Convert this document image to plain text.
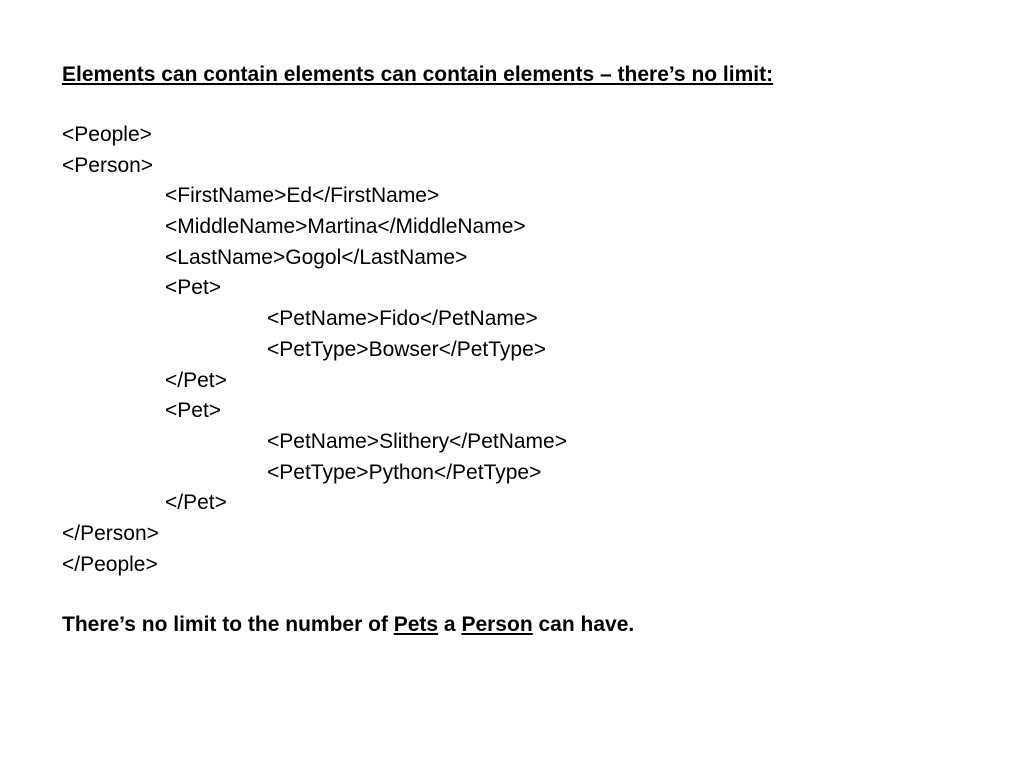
Elements can contain elements can contain elements – there’s no limit:

<People>
<Person>
<FirstName>Ed</FirstName>
<MiddleName>Martina</MiddleName>
<LastName>Gogol</LastName>
<Pet>
<PetName>Fido</PetName>
<PetType>Bowser</PetType>
</Pet>
<Pet>
<PetName>Slithery</PetName>
<PetType>Python</PetType>
</Pet>
</Person>
</People>

There’s no limit to the number of Pets a Person can have.
